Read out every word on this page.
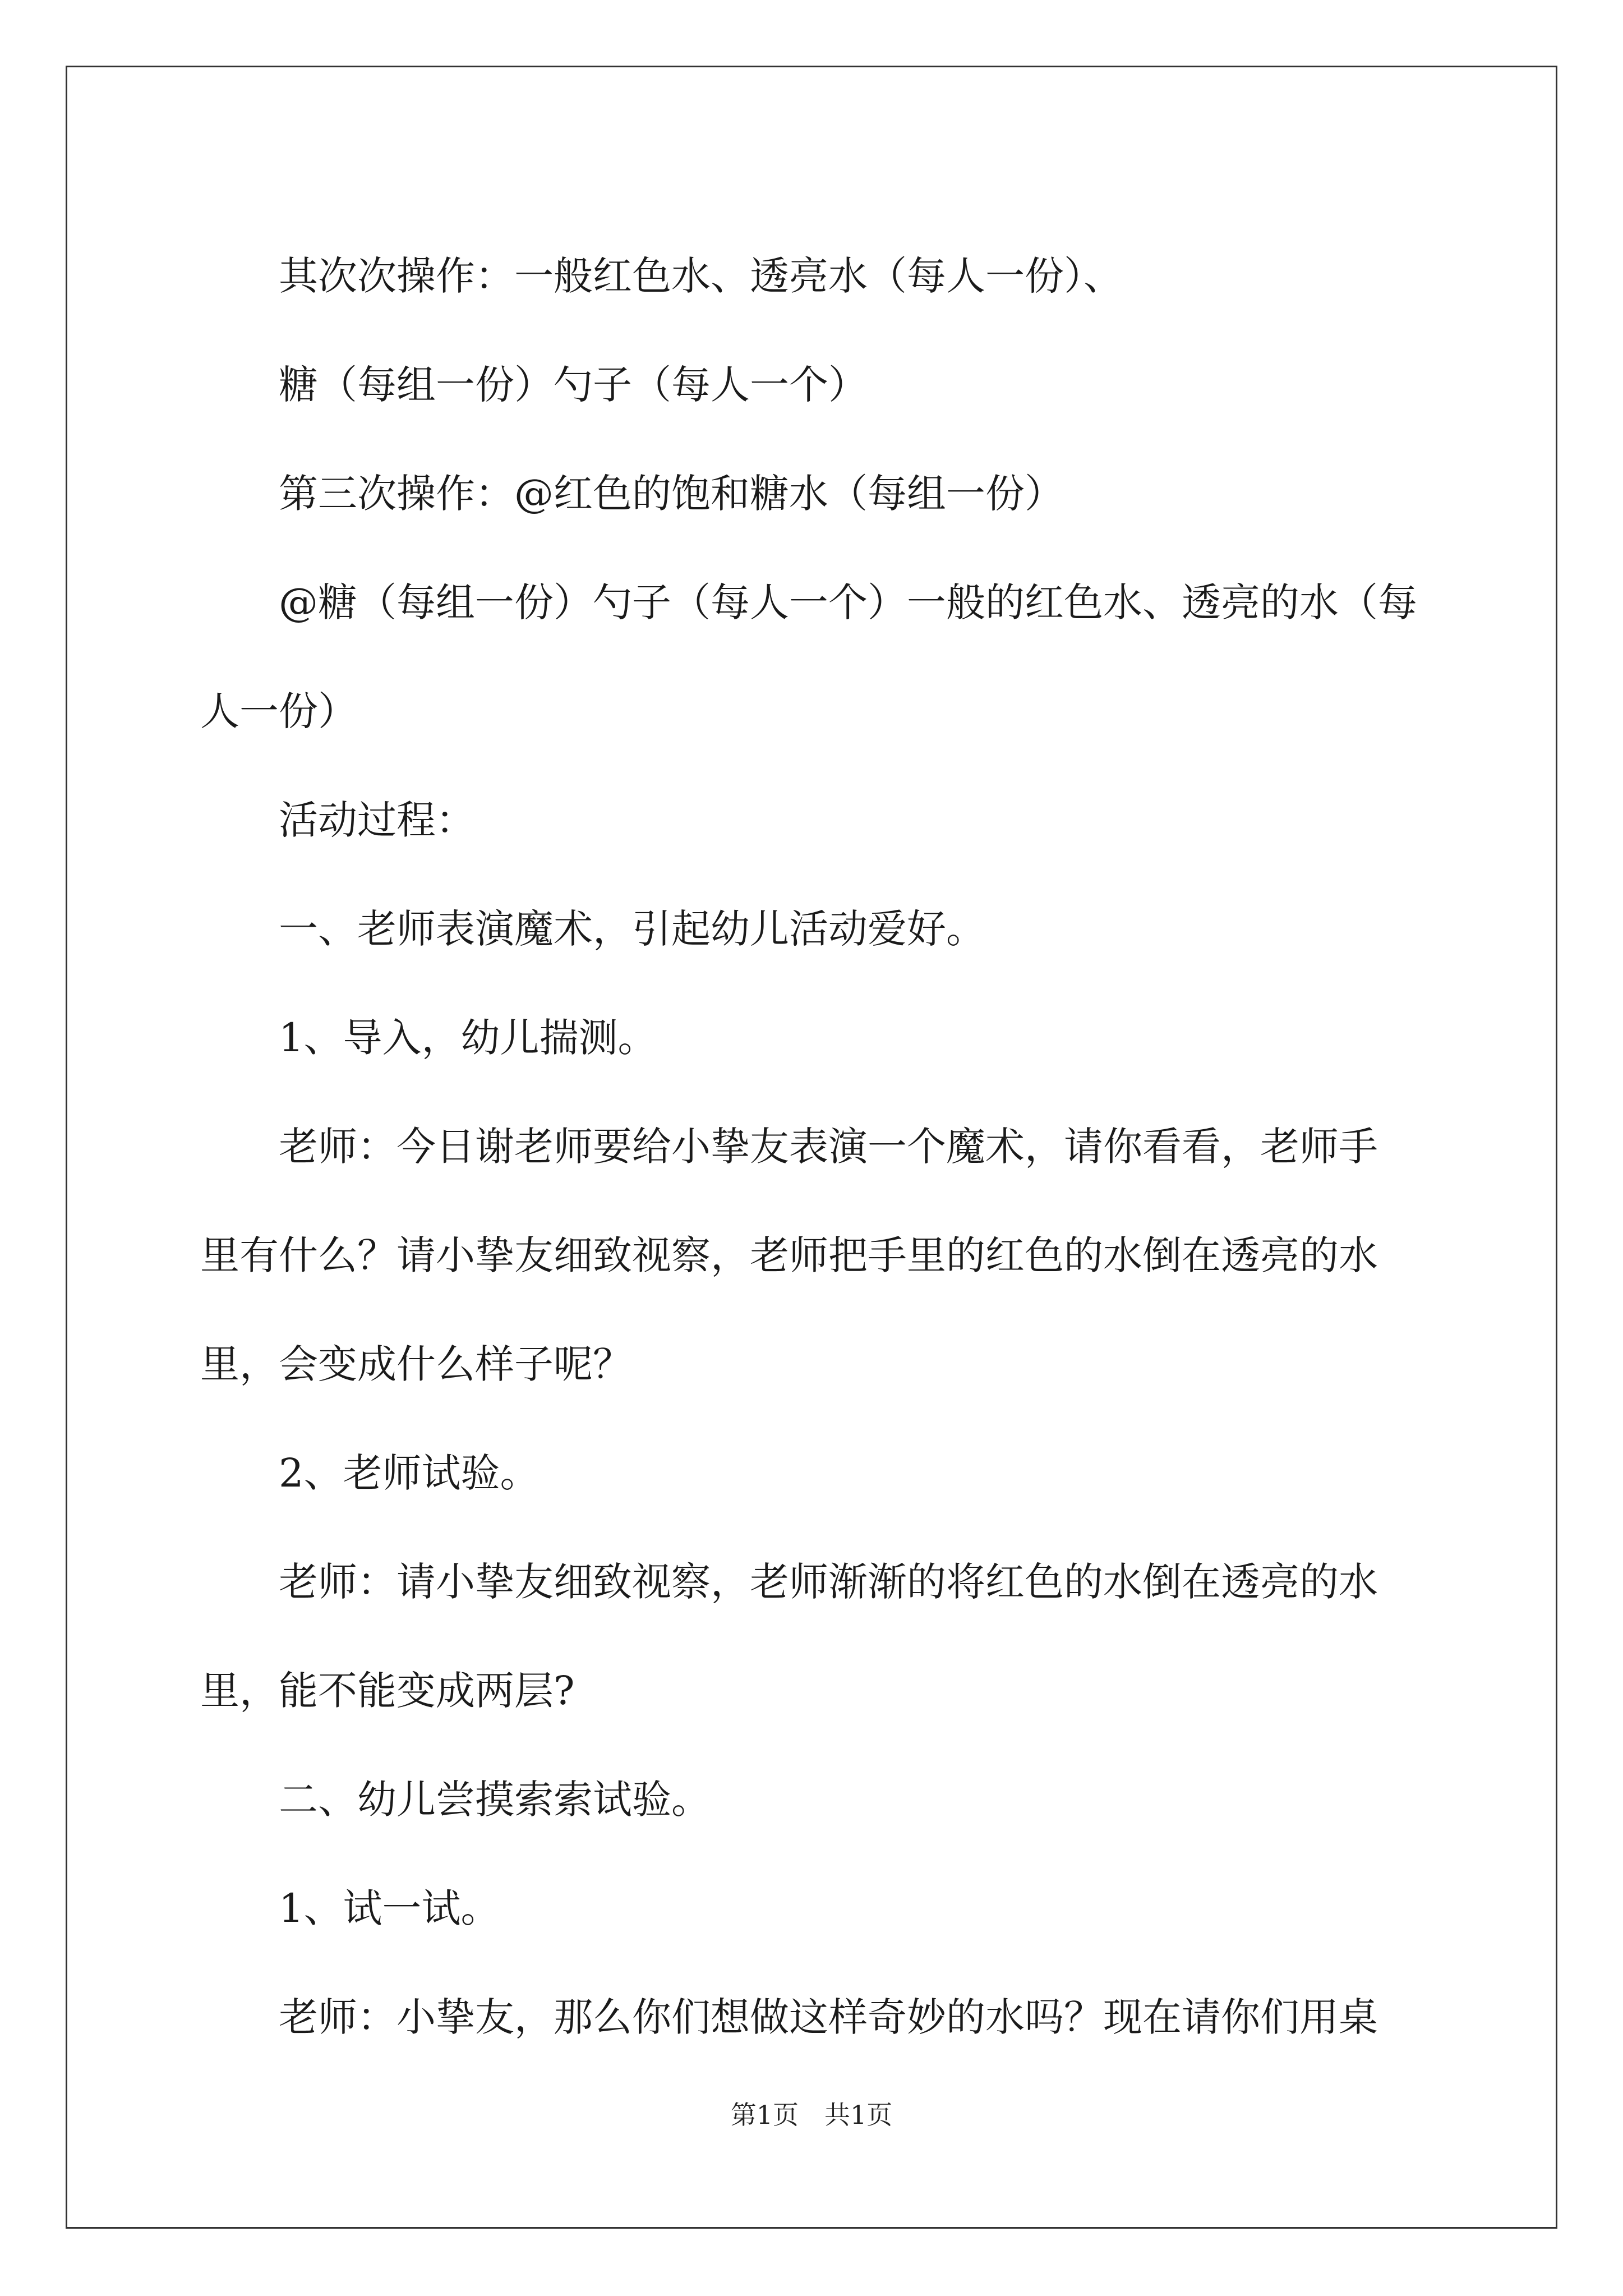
其次次操作：一般红色水、透亮水（每人一份）、

糖（每组一份）勺子（每人一个）

第三次操作：@红色的饱和糖水（每组一份）

@糖（每组一份）勺子（每人一个）一般的红色水、透亮的水（每

人一份）

活动过程：

一、老师表演魔术，引起幼儿活动爱好。

1、导入，幼儿揣测。

老师：今日谢老师要给小挚友表演一个魔术，请你看看，老师手

里有什么？请小挚友细致视察，老师把手里的红色的水倒在透亮的水

里，会变成什么样子呢？

2、老师试验。

老师：请小挚友细致视察，老师渐渐的将红色的水倒在透亮的水

里，能不能变成两层?

二、幼儿尝摸索索试验。

1、试一试。

老师：小挚友，那么你们想做这样奇妙的水吗？现在请你们用桌

第1页 共1页
